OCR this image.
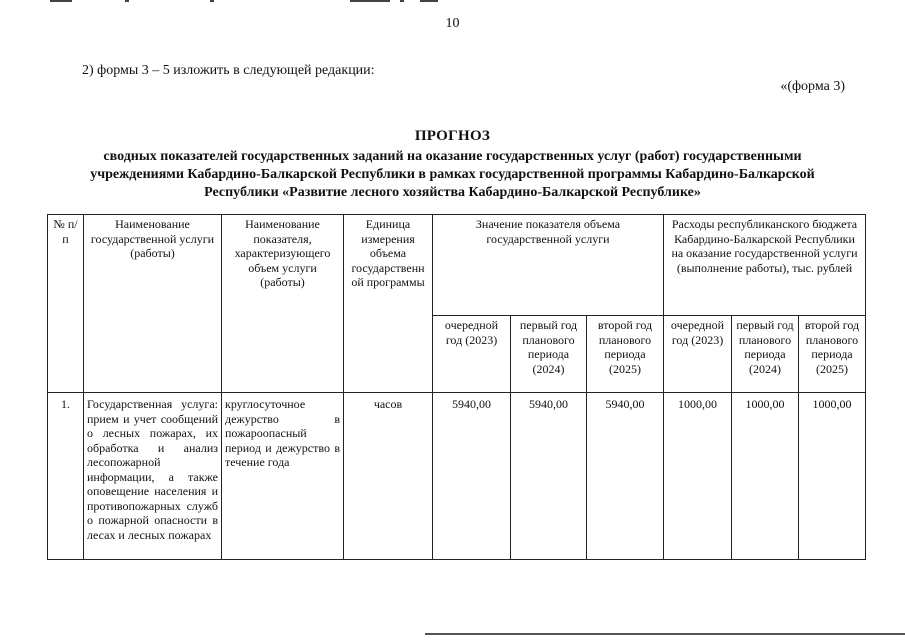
10
2) формы 3 – 5 изложить в следующей редакции:
«(форма 3)
ПРОГНОЗ
сводных показателей государственных заданий на оказание государственных услуг (работ) государственными
учреждениями Кабардино-Балкарской Республики в рамках государственной программы Кабардино-Балкарской
Республики «Развитие лесного хозяйства Кабардино-Балкарской Республике»
№ п/п	Наименование государственной услуги (работы)	Наименование показателя, характеризующего объем услуги (работы)	Единица измерения объема государственн ой программы	Значение показателя объема государственной услуги			Расходы республиканского бюджета Кабардино-Балкарской Республики на оказание государственной услуги (выполнение работы), тыс. рублей		
				очередной год (2023)	первый год планового периода (2024)	второй год планового периода (2025)	очередной год (2023)	первый год планового периода (2024)	второй год планового периода (2025)
1.	Государственная услуга: прием и учет сообщений о лесных пожарах, их обработка и анализ лесопожарной информации, а также оповещение населения и противопожарных служб о пожарной опасности в лесах и лесных пожарах	круглосуточное дежурство в пожароопасный период и дежурство в течение года	часов	5940,00	5940,00	5940,00	1000,00	1000,00	1000,00
